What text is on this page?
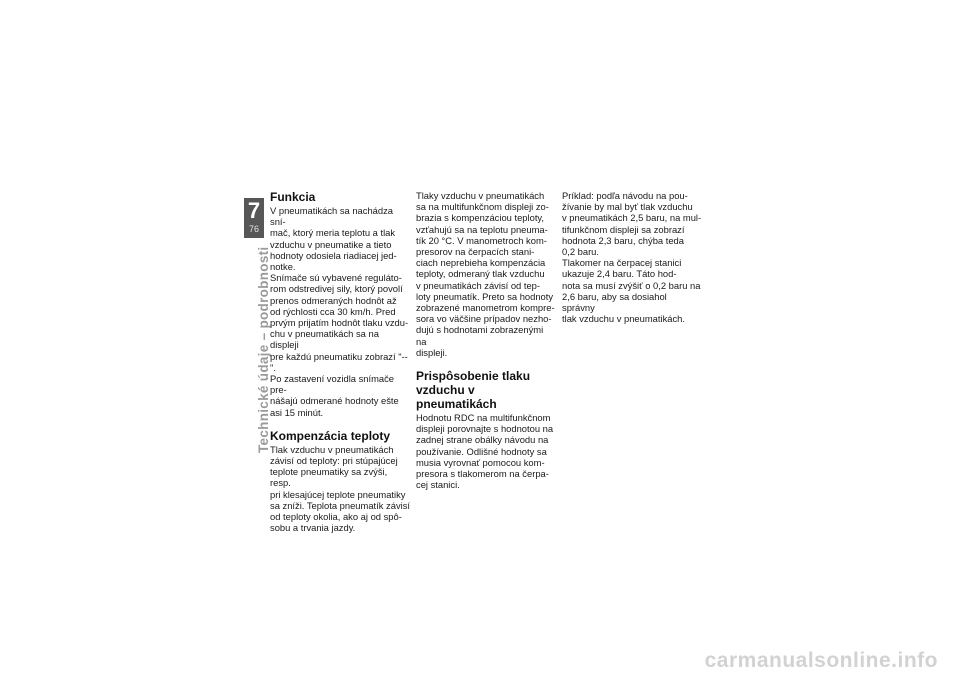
7
76
Technické údaje – podrobnosti
Funkcia

V pneumatikách sa nachádza sní-
mač, ktorý meria teplotu a tlak
vzduchu v pneumatike a tieto
hodnoty odosiela riadiacej jed-
notke.

Snímače sú vybavené reguláto-
rom odstredivej sily, ktorý povolí
prenos odmeraných hodnôt až
od rýchlosti cca 30 km/h. Pred
prvým prijatím hodnôt tlaku vzdu-
chu v pneumatikách sa na displeji
pre každú pneumatiku zobrazí "--".
Po zastavení vozidla snímače pre-
nášajú odmerané hodnoty ešte
asi 15 minút.

Kompenzácia teploty

Tlak vzduchu v pneumatikách
závisí od teploty: pri stúpajúcej
teplote pneumatiky sa zvýši, resp.
pri klesajúcej teplote pneumatiky
sa zníži. Teplota pneumatík závisí
od teploty okolia, ako aj od spô-
sobu a trvania jazdy.

Tlaky vzduchu v pneumatikách
sa na multifunkčnom displeji zo-
brazia s kompenzáciou teploty,
vzťahujú sa na teplotu pneuma-
tík 20 °C. V manometroch kom-
presorov na čerpacích stani-
ciach neprebieha kompenzácia
teploty, odmeraný tlak vzduchu
v pneumatikách závisí od tep-
loty pneumatík. Preto sa hodnoty
zobrazené manometrom kompre-
sora vo väčšine prípadov nezho-
dujú s hodnotami zobrazenými na
displeji.

Prispôsobenie tlaku vzduchu v pneumatikách

Hodnotu RDC na multifunkčnom
displeji porovnajte s hodnotou na
zadnej strane obálky návodu na
používanie. Odlišné hodnoty sa
musia vyrovnať pomocou kom-
presora s tlakomerom na čerpa-
cej stanici.

Príklad: podľa návodu na pou-
žívanie by mal byť tlak vzduchu
v pneumatikách 2,5 baru, na mul-
tifunkčnom displeji sa zobrazí
hodnota 2,3 baru, chýba teda
0,2 baru.

Tlakomer na čerpacej stanici
ukazuje 2,4 baru. Táto hod-
nota sa musí zvýšiť o 0,2 baru na
2,6 baru, aby sa dosiahol správny
tlak vzduchu v pneumatikách.

carmanualsonline.info
